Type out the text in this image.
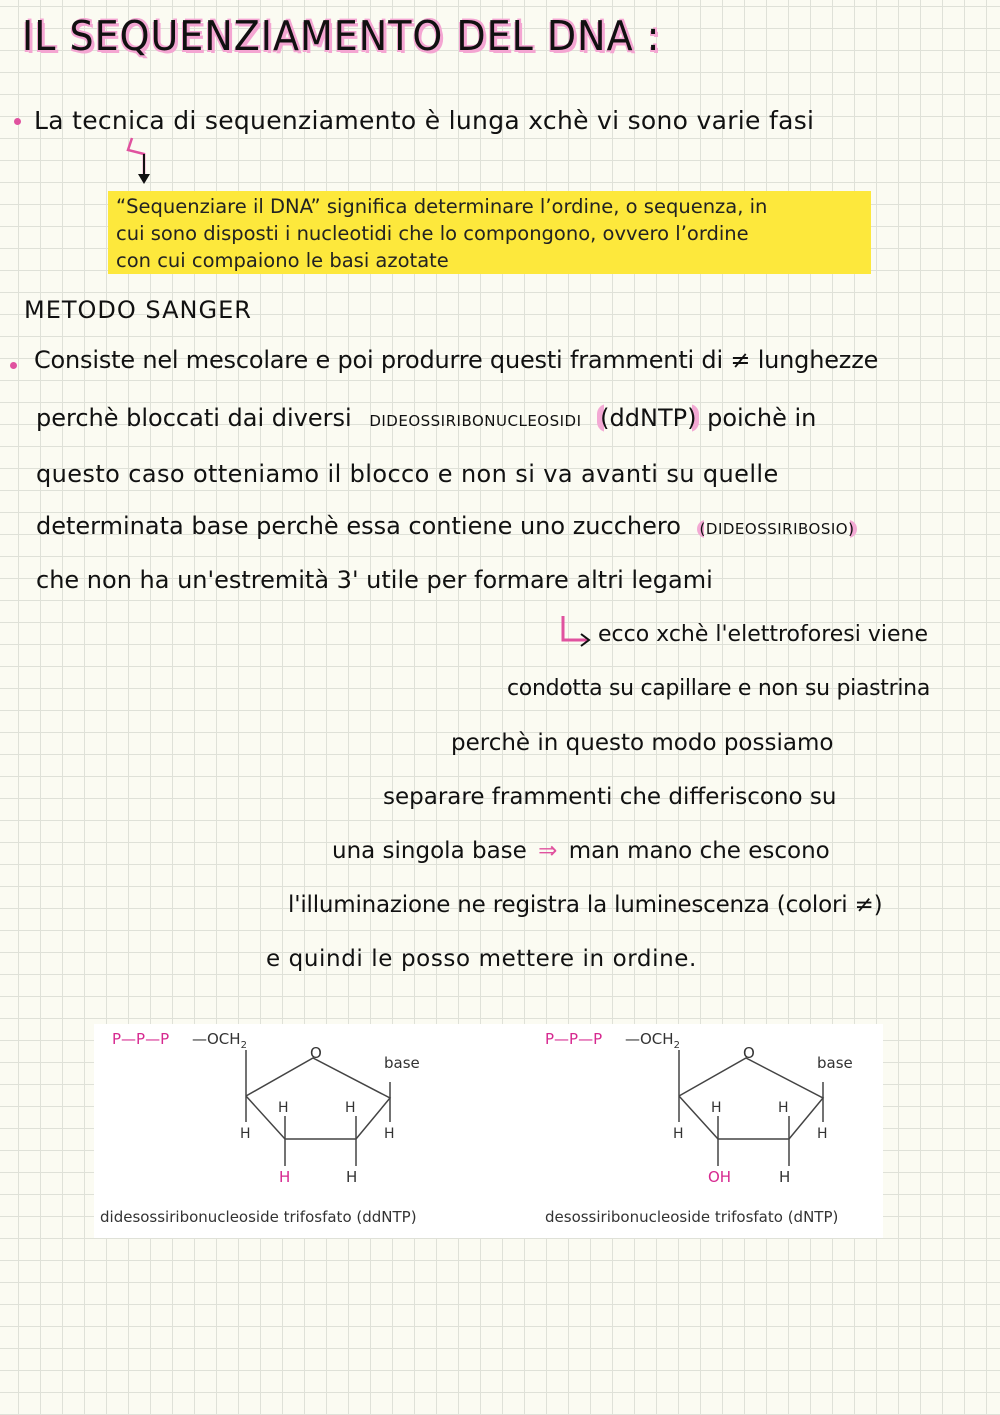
IL SEQUENZIAMENTO DEL DNA :
La tecnica di sequenziamento è lunga xchè vi sono varie fasi
“Sequenziare il DNA” significa determinare l’ordine, o sequenza, in
cui sono disposti i nucleotidi che lo compongono, ovvero l’ordine
con cui compaiono le basi azotate
METODO SANGER
Consiste nel mescolare e poi produrre questi frammenti di ≠ lunghezze
perchè bloccati dai diversi DIDEOSSIRIBONUCLEOSIDI (ddNTP) poichè in
questo caso otteniamo il blocco e non si va avanti su quelle
determinata base perchè essa contiene uno zucchero (DIDEOSSIRIBOSIO)
che non ha un'estremità 3' utile per formare altri legami
ecco xchè l'elettroforesi viene
condotta su capillare e non su piastrina
perchè in questo modo possiamo
separare frammenti che differiscono su
una singola base ⇒ man mano che escono
l'illuminazione ne registra la luminescenza (colori ≠)
e quindi le posso mettere in ordine.
P—P—P $—OCH_2$	O
base
H	H
H	H
H	H
didesossiribonucleoside trifosfato (ddNTP)
P—P—P $—OCH_2$	O
base
H	H
H	H
OH	H
desossiribonucleoside trifosfato (dNTP)
